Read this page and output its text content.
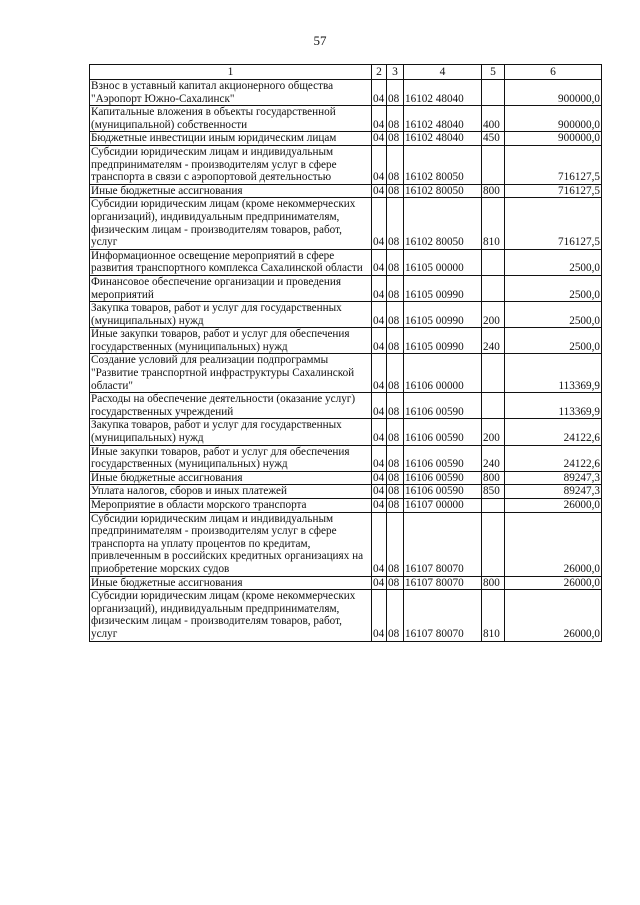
57
1	2	3	4	5	6
Взнос в уставный капитал акционерного общества "Аэропорт Южно-Сахалинск"	04	08	16102 48040		900000,0
Капитальные вложения в объекты государственной (муниципальной) собственности	04	08	16102 48040	400	900000,0
Бюджетные инвестиции иным юридическим лицам	04	08	16102 48040	450	900000,0
Субсидии юридическим лицам и индивидуальным предпринимателям - производителям услуг в сфере транспорта в связи с аэропортовой деятельностью	04	08	16102 80050		716127,5
Иные бюджетные ассигнования	04	08	16102 80050	800	716127,5
Субсидии юридическим лицам (кроме некоммерческих организаций), индивидуальным предпринимателям, физическим лицам - производителям товаров, работ, услуг	04	08	16102 80050	810	716127,5
Информационное освещение мероприятий в сфере развития транспортного комплекса Сахалинской области	04	08	16105 00000		2500,0
Финансовое обеспечение организации и проведения мероприятий	04	08	16105 00990		2500,0
Закупка товаров, работ и услуг для государственных (муниципальных) нужд	04	08	16105 00990	200	2500,0
Иные закупки товаров, работ и услуг для обеспечения государственных (муниципальных) нужд	04	08	16105 00990	240	2500,0
Создание условий для реализации подпрограммы "Развитие транспортной инфраструктуры Сахалинской области"	04	08	16106 00000		113369,9
Расходы на обеспечение деятельности (оказание услуг) государственных учреждений	04	08	16106 00590		113369,9
Закупка товаров, работ и услуг для государственных (муниципальных) нужд	04	08	16106 00590	200	24122,6
Иные закупки товаров, работ и услуг для обеспечения государственных (муниципальных) нужд	04	08	16106 00590	240	24122,6
Иные бюджетные ассигнования	04	08	16106 00590	800	89247,3
Уплата налогов, сборов и иных платежей	04	08	16106 00590	850	89247,3
Мероприятие в области морского транспорта	04	08	16107 00000		26000,0
Субсидии юридическим лицам и индивидуальным предпринимателям - производителям услуг в сфере транспорта на уплату процентов по кредитам, привлеченным в российских кредитных организациях на приобретение морских судов	04	08	16107 80070		26000,0
Иные бюджетные ассигнования	04	08	16107 80070	800	26000,0
Субсидии юридическим лицам (кроме некоммерческих организаций), индивидуальным предпринимателям, физическим лицам - производителям товаров, работ, услуг	04	08	16107 80070	810	26000,0
